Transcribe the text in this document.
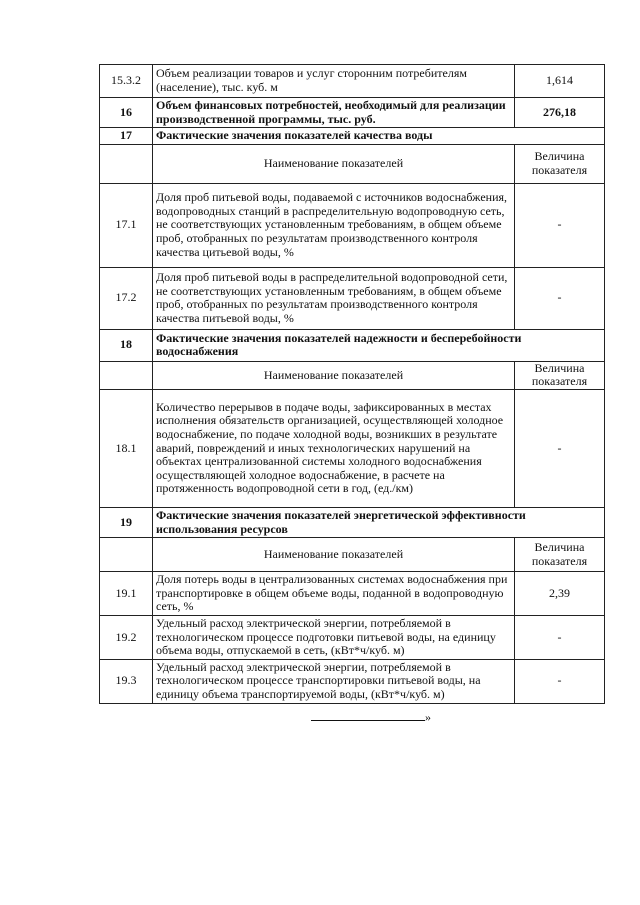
15.3.2	Объем реализации товаров и услуг сторонним потребителям (население), тыс. куб. м	1,614
16	Объем финансовых потребностей, необходимый для реализации производственной программы, тыс. руб.	276,18
17	Фактические значения показателей качества воды	
	Наименование показателей	Величина показателя
17.1	Доля проб питьевой воды, подаваемой с источников водоснабжения, водопроводных станций в распределительную водопроводную сеть, не соответствующих установленным требованиям, в общем объеме проб, отобранных по результатам производственного контроля качества цитьевой воды, %	-
17.2	Доля проб питьевой воды в распределительной водопроводной сети, не соответствующих установленным требованиям, в общем объеме проб, отобранных по результатам производственного контроля качества питьевой воды, %	-
18	Фактические значения показателей надежности и бесперебойности водоснабжения	
	Наименование показателей	Величина показателя
18.1	Количество перерывов в подаче воды, зафиксированных в местах исполнения обязательств организацией, осуществляющей холодное водоснабжение, по подаче холодной воды, возникших в результате аварий, повреждений и иных технологических нарушений на объектах централизованной системы холодного водоснабжения осуществляющей холодное водоснабжение, в расчете на протяженность водопроводной сети в год, (ед./км)	-
19	Фактические значения показателей энергетической эффективности использования ресурсов	
	Наименование показателей	Величина показателя
19.1	Доля потерь воды в централизованных системах водоснабжения при транспортировке в общем объеме воды, поданной в водопроводную сеть, %	2,39
19.2	Удельный расход электрической энергии, потребляемой в технологическом процессе подготовки питьевой воды, на единицу объема воды, отпускаемой в сеть, (кВт*ч/куб. м)	-
19.3	Удельный расход электрической энергии, потребляемой в технологическом процессе транспортировки питьевой воды, на единицу объема транспортируемой воды, (кВт*ч/куб. м)	-
»
